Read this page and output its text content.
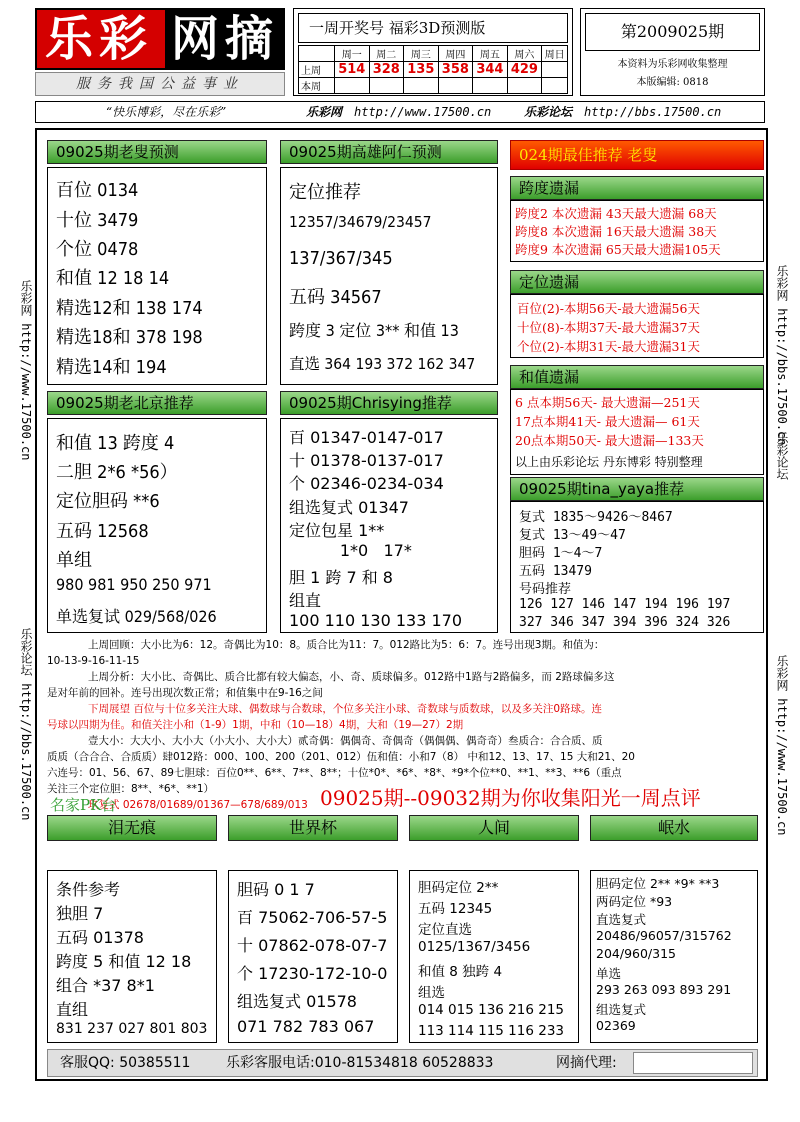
乐彩 网摘
服务我国公益事业
一周开奖号 福彩3D预测版
	周一	周二	周三	周四	周五	周六	周日
上周	514	328	135	358	344	429	
本周							
第2009025期
本资料为乐彩网收集整理
本版编辑: 0818
“快乐博彩，尽在乐彩”	乐彩网 http://www.17500.cn	乐彩论坛 http://bbs.17500.cn
乐彩网 http://www.17500.cn
乐彩论坛 http://bbs.17500.cn
乐彩网 http://bbs.17500.cn
乐彩论坛
乐彩网 http://www.17500.cn
09025期老叟预测
百位 0134
十位 3479
个位 0478
和值 12 18 14
精选12和 138 174
精选18和 378 198
精选14和 194
09025期高雄阿仁预测
定位推荐
12357/34679/23457
137/367/345
五码 34567
跨度 3 定位 3** 和值 13
直选 364 193 372 162 347
09025期老北京推荐
和值 13 跨度 4
二胆 2*6 *56）
定位胆码 **6
五码 12568
单组
980 981 950 250 971
单选复试 029/568/026
09025期Chrisying推荐
百 01347-0147-017
十 01378-0137-017
个 02346-0234-034
组选复式 01347
定位包星 1**
1*0   17*
胆 1 跨 7 和 8
组直
100 110 130 133 170
024期最佳推荐 老叟
跨度遗漏
跨度2 本次遗漏 43天最大遗漏 68天
跨度8 本次遗漏 16天最大遗漏 38天
跨度9 本次遗漏 65天最大遗漏105天
定位遗漏
百位(2)-本期56天-最大遗漏56天
十位(8)-本期37天-最大遗漏37天
个位(2)-本期31天-最大遗漏31天
和值遗漏
6 点本期56天- 最大遗漏—251天
17点本期41天- 最大遗漏— 61天
20点本期50天- 最大遗漏—133天
以上由乐彩论坛 丹东博彩 特别整理
09025期tina_yaya推荐
复式 1835～9426～8467
复式 13～49～47
胆码 1～4～7
五码 13479
号码推荐
126 127 146 147 194 196 197
327 346 347 394 396 324 326
上周回顾：大小比为6：12。奇偶比为10：8。质合比为11：7。012路比为5：6：7。连号出现3期。和值为：
10-13-9-16-11-15
上周分析：大小比、奇偶比、质合比都有较大偏态，小、奇、质球偏多。012路中1路与2路偏多，而 2路球偏多这
是对年前的回补。连号出现次数正常；和值集中在9-16之间
下周展望 百位与十位多关注大球、偶数球与合数球，个位多关注小球、奇数球与质数球，以及多关注0路球。连
号球以四期为佳。和值关注小和（1-9）1期，中和（10—18）4期，大和（19—27）2期
壹大小：大大小、大小大（小大小、大小大）贰奇偶：偶偶奇、奇偶奇（偶偶偶、偶奇奇）叁质合：合合质、质
质质（合合合、合质质）肆012路：000、100、200（201、012）伍和值：小和7（8） 中和12、13、17、15 大和21、20
六连号：01、56、67、89七胆球：百位0**、6**、7**、8**；十位*0*、*6*、*8*、*9*个位**0、**1、**3、**6（重点
关注三个定位胆：8**、*6*、**1）
玖复式 02678/01689/01367—678/689/013
名家PK台	09025期--09032期为你收集阳光一周点评
泪无痕
条件参考
独胆 7
五码 01378
跨度 5 和值 12 18
组合 *37 8*1
直组
831 237 027 801 803
世界杯
胆码 0 1 7
百 75062-706-57-5
十 07862-078-07-7
个 17230-172-10-0
组选复式 01578
071 782 783 067
人间
胆码定位 2**
五码 12345
定位直选
0125/1367/3456
和值 8 独跨 4
组选
014 015 136 216 215
113 114 115 116 233
岷水
胆码定位 2** *9* **3
两码定位 *93
直选复式
20486/96057/315762
204/960/315
单选
293 263 093 893 291
组选复式
02369
客服QQ: 50385511	乐彩客服电话:010-81534818 60528833	网摘代理:
